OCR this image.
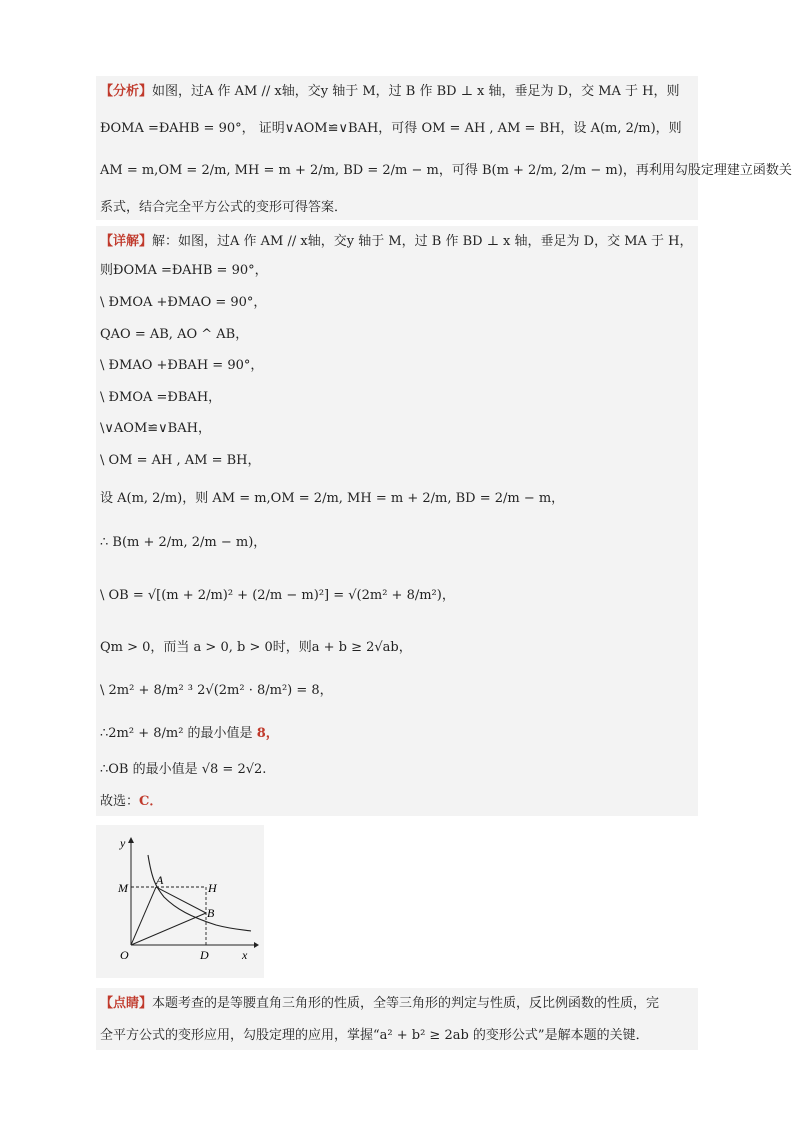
【分析】如图，过A 作 AM // x轴，交y 轴于 M，过 B 作 BD ⊥ x 轴，垂足为 D，交 MA 于 H，则
ÐOMA =ÐAHB = 90°， 证明∨AOM≌∨BAH，可得 OM = AH , AM = BH，设 A(m, 2/m)，则
AM = m,OM = 2/m, MH = m + 2/m, BD = 2/m − m，可得 B(m + 2/m, 2/m − m)，再利用勾股定理建立函数关
系式，结合完全平方公式的变形可得答案．
【详解】解：如图，过A 作 AM // x轴，交y 轴于 M，过 B 作 BD ⊥ x 轴，垂足为 D，交 MA 于 H，
则ÐOMA =ÐAHB = 90°，
\ ÐMOA +ÐMAO = 90°，
QAO = AB, AO ^ AB，
\ ÐMAO +ÐBAH = 90°，
\ ÐMOA =ÐBAH，
\∨AOM≌∨BAH，
\ OM = AH , AM = BH，
设 A(m, 2/m)，则 AM = m,OM = 2/m, MH = m + 2/m, BD = 2/m − m，
∴ B(m + 2/m, 2/m − m)，
\ OB = √[(m + 2/m)² + (2/m − m)²] = √(2m² + 8/m²)，
Qm > 0，而当 a > 0, b > 0时，则a + b ≥ 2√ab，
\ 2m² + 8/m² ³ 2√(2m² · 8/m²) = 8，
∴2m² + 8/m² 的最小值是 8，
∴OB 的最小值是 √8 = 2√2.
故选：C．
y
x
O
M
A
H
B
D
【点睛】本题考查的是等腰直角三角形的性质，全等三角形的判定与性质，反比例函数的性质，完
全平方公式的变形应用，勾股定理的应用，掌握“a² + b² ≥ 2ab 的变形公式”是解本题的关键．
